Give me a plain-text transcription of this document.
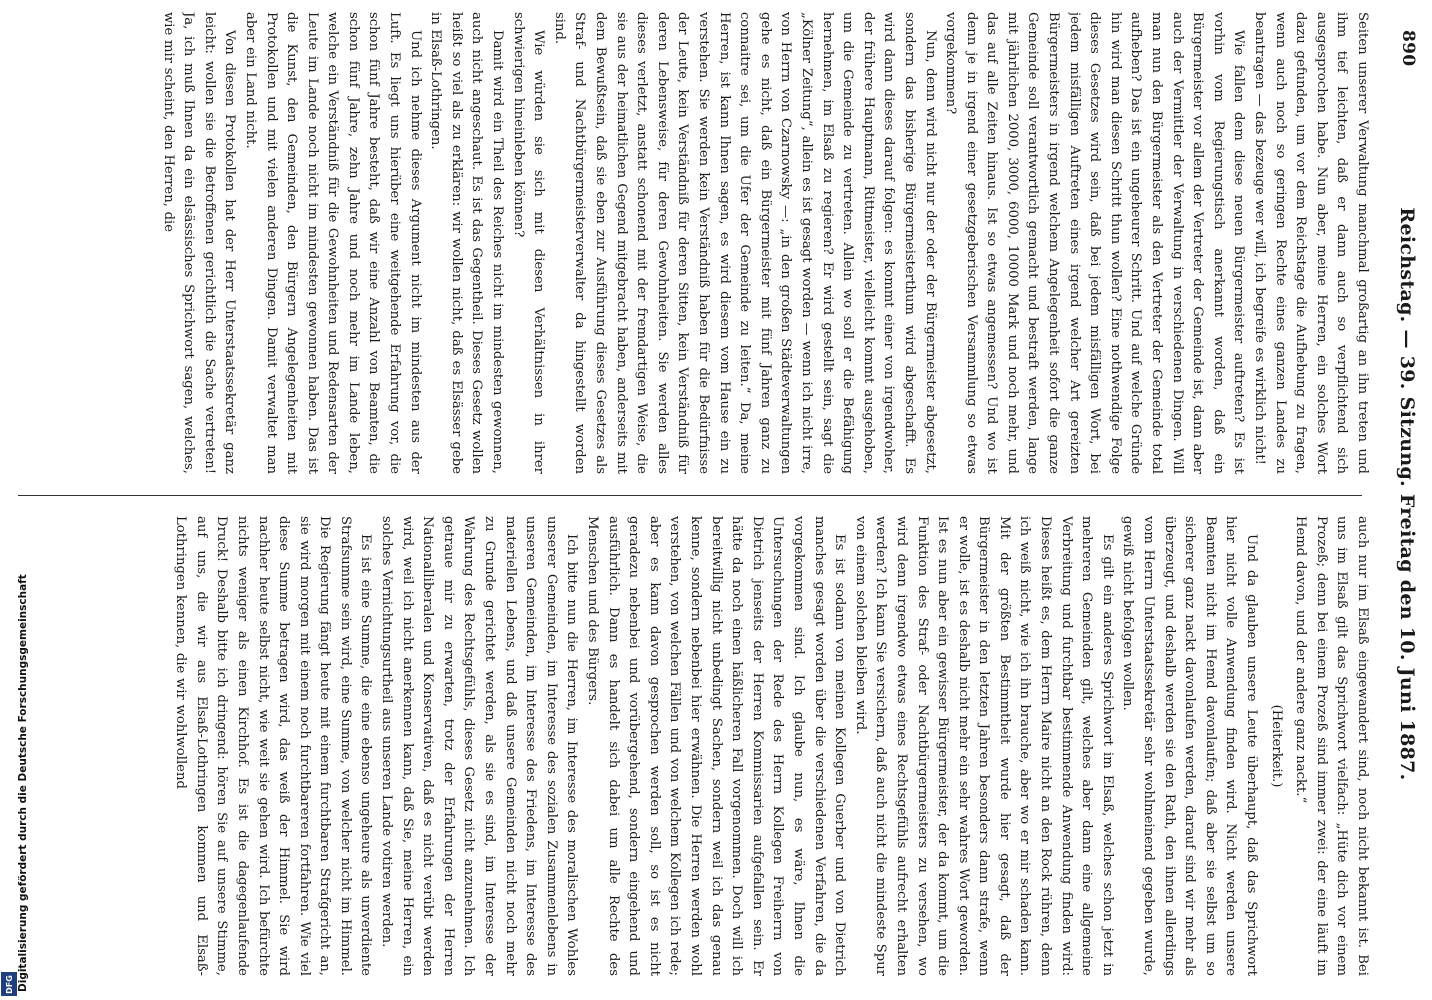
890
Reichstag. — 39. Sitzung. Freitag den 10. Juni 1887.

Seiten unserer Verwaltung manchmal großartig an ihn treten und ihm tief leichten, daß er dann auch so verpflichtend sich ausgesprochen habe. Nun aber, meine Herren, ein solches Wort dazu gefunden, um vor dem Reichstage die Aufhebung zu fragen, wenn auch noch so geringen Rechte eines ganzen Landes zu beantragen — das bezeuge wer will, ich begreife es wirklich nicht!

Wie fallen dem diese neuen Bürgermeister auftreten? Es ist vorhin vom Regierungstisch anerkannt worden, daß ein Bürgermeister vor allem der Vertreter der Gemeinde ist, dann aber auch der Vermittler der Verwaltung in verschiedenen Dingen. Will man nun den Bürgermeister als den Vertreter der Gemeinde total aufheben? Das ist ein ungeheurer Schritt. Und auf welche Gründe hin wird man diesen Schritt thun wollen? Eine nothwendige Folge dieses Gesetzes wird sein, daß bei jedem misfälligen Wort, bei jedem misfälligen Auftreten eines irgend welcher Art gereizten Bürgermeisters in irgend welchem Angelegenheit sofort die ganze Gemeinde soll verantwortlich gemacht und bestraft werden, lange mit jährlichen 2000, 3000, 6000, 10000 Mark und noch mehr, und das auf alle Zeiten hinaus. Ist so etwas angemessen? Und wo ist denn je in irgend einer gesetzgeberischen Versammlung so etwas vorgekommen?

Nun, denn wird nicht nur der oder der Bürgermeister abgesetzt, sondern das bisherige Bürgermeisterthum wird abgeschafft. Es wird dann dieses darauf folgen: es kommt einer von irgendwoher, der frühere Hauptmann, Rittmeister, vielleicht kommt ausgehoben, um die Gemeinde zu vertreten. Allein wo soll er die Befähigung hernehmen, im Elsaß zu regieren? Er wird gestellt sein, sagt die „Kölner Zeitung“, allein es ist gesagt worden — wenn ich nicht irre, von Herrn von Czarnowsky —: „in den großen Städteverwaltungen gehe es nicht, daß ein Bürgermeister mit fünf Jahren ganz zu connaitre sei, um die Ufer der Gemeinde zu leiten.“ Da, meine Herren, ist kann Ihnen sagen, es wird diesem vom Hause ein zu verstehen. Sie werden kein Verständniß haben für die Bedürfnisse der Leute, kein Verständniß für deren Sitten, kein Verständniß für deren Lebensweise, für deren Gewohnheiten. Sie werden alles dieses verletzt, anstatt schonend mit der fremdartigen Weise, die sie aus der heimatlichen Gegend mitgebracht haben, anderseits mit dem Bewußtsein, daß sie eben zur Ausführung dieses Gesetzes als Straf- und Nachtbürgermeisterverwalter da hingestellt worden sind.

Wie würden sie sich mit diesen Verhältnissen in ihrer schwierigen hineinleben können?

Damit wird ein Theil des Reiches nicht im mindesten gewonnen, auch nicht angeschaut. Es ist das Gegentheil. Dieses Gesetz wollen heißt so viel als zu erklären: wir wollen nicht, daß es Elsässer gebe in Elsaß-Lothringen.

Und ich nehme dieses Argument nicht im mindesten aus der Luft. Es liegt uns hierüber eine weitgehende Erfahrung vor, die schon fünf Jahre besteht, daß wir eine Anzahl von Beamten, die schon fünf Jahre, zehn Jahre und noch mehr im Lande leben, welche ein Verständniß für die Gewohnheiten und Redensarten der Leute im Lande noch nicht im mindesten gewonnen haben. Das ist die Kunst, den Gemeinden, den Bürgern Angelegenheiten mit Protokollen und mit vielen anderen Dingen. Damit verwaltet man aber ein Land nicht.

Von diesen Protokollen hat der Herr Unterstaatssekretär ganz leicht: wollen sie die Betroffenen gerichtlich die Sache vertreten! Ja, ich muß Ihnen da ein elsässisches Sprichwort sagen, welches, wie mir scheint, den Herren, die

auch nur im Elsaß eingewandert sind, noch nicht bekannt ist. Bei uns im Elsaß gilt das Sprichwort vielfach: „Hüte dich vor einem Prozeß; denn bei einem Prozeß sind immer zwei: der eine läuft im Hemd davon, und der andere ganz nackt.“

(Heiterkeit.)

Und da glauben unsere Leute überhaupt, daß das Sprichwort hier nicht volle Anwendung finden wird. Nicht werden unsere Beamten nicht im Hemd davonlaufen; daß aber sie selbst um so sicherer ganz nackt davonlaufen werden, darauf sind wir mehr als überzeugt, und deshalb werden sie den Rath, den ihnen allerdings vom Herrn Unterstaatssekretär sehr wohlmeinend gegeben wurde, gewiß nicht befolgen wollen.

Es gilt ein anderes Sprichwort im Elsaß, welches schon jetzt in mehreren Gemeinden gilt, welches aber dann eine allgemeine Verbreitung und furchtbar bestimmende Anwendung finden wird: Dieses heißt es, dem Herrn Maire nicht an den Rock rühren, denn ich weiß nicht, wie ich ihn brauche, aber wo er mir schaden kann. Mit der größten Bestimmtheit wurde hier gesagt, daß der Bürgermeister in den letzten Jahren besonders dann strafe, wenn er wolle, ist es deshalb nicht mehr ein sehr wahres Wort geworden. Ist es nun aber ein gewisser Bürgermeister, der da kommt, um die Funktion des Straf- oder Nachtbürgermeisters zu versehen, wo wird denn irgendwo etwas eines Rechtsgefühls aufrecht erhalten werden? Ich kann Sie versichern, daß auch nicht die mindeste Spur von einem solchen bleiben wird.

Es ist sodann von meinen Kollegen Guerber und von Dietrich manches gesagt worden über die verschiedenen Verfahren, die da vorgekommen sind. Ich glaube nun, es wäre, Ihnen die Untersuchungen der Rede des Herrn Kollegen Freiherrn von Dietrich jenseits der Herren Kommissarien aufgefallen sein. Er hätte da noch einen häßlicheren Fall vorgenommen. Doch will ich bereitwillig nicht unbedingt Sachen, sondern weil ich das genau kenne, sondern nebenbei hier erwähnen. Die Herren werden wohl verstehen, von welchen Fällen und von welchem Kollegen ich rede; aber es kann davon gesprochen werden soll, so ist es nicht geradezu nebenbei und vorübergehend, sondern eingehend und ausführlich. Dann es handelt sich dabei um alle Rechte des Menschen und des Bürgers.

Ich bitte nun die Herren, im Interesse des moralischen Wohles unserer Gemeinden, im Interesse des sozialen Zusammenlebens in unseren Gemeinden, im Interesse des Friedens, im Interesse des materiellen Lebens, und daß unsere Gemeinden nicht noch mehr zu Grunde gerichtet werden, als sie es sind, im Interesse der Wahrung des Rechtsgefühls, dieses Gesetz nicht anzunehmen. Ich getraue mir zu erwarten, trotz der Erfahrungen der Herren Nationalliberalen und Konservativen, daß es nicht verübt werden wird, weil ich nicht anerkennen kann, daß Sie, meine Herren, ein solches Vernichtungsurtheil aus unseren Lande votiren werden.

Es ist eine Summe, die eine ebenso ungeheure als unverdiente Strafsumme sein wird, eine Summe, von welcher nicht im Himmel. Die Regierung fängt heute mit einem furchtbaren Strafgericht an, sie wird morgen mit einem noch furchtbareren fortfahren. Wie viel diese Summe betragen wird, das weiß der Himmel. Sie wird nachher heute selbst nicht, wie weit sie gehen wird. Ich befürchte nichts weniger als einen Kirchhof. Es ist die dagegenlaufende Druck! Deshalb bitte ich dringend: hören Sie auf unsere Stimme, auf uns, die wir aus Elsaß-Lothringen kommen und Elsaß-Lothringen kennen, die wir wohlwollend

Digitalisierung gefördert durch die Deutsche Forschungsgemeinschaft
DFG
